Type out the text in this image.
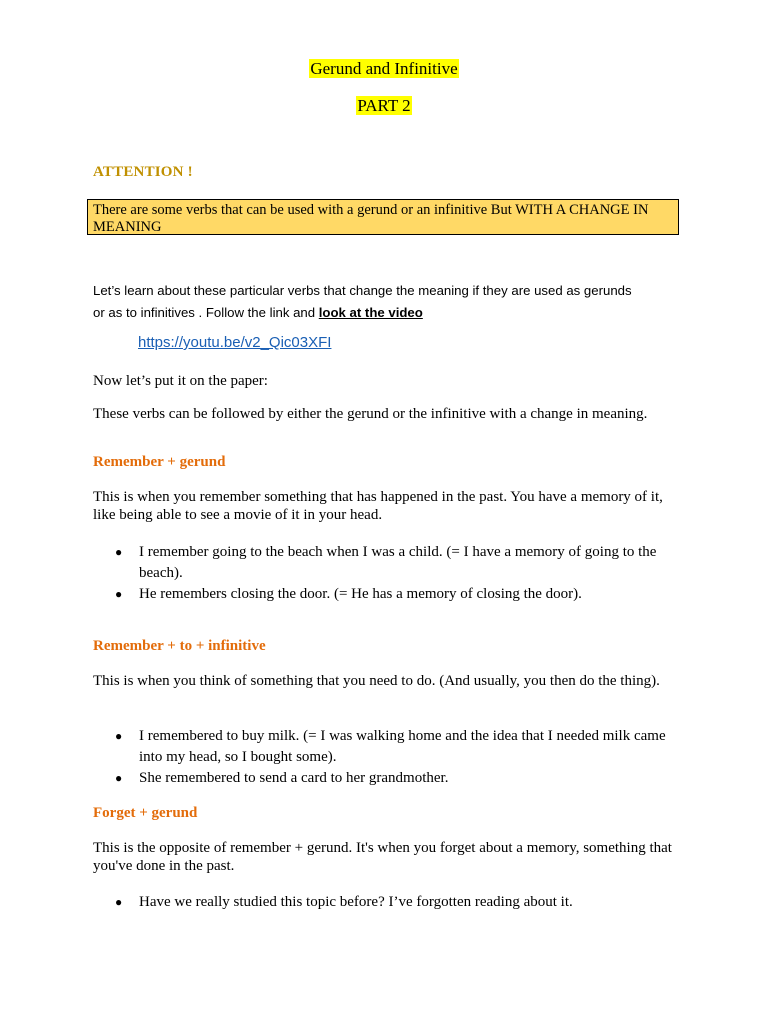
Gerund and Infinitive
PART 2
ATTENTION !
There are some verbs that can be used with a gerund or an infinitive But WITH A CHANGE IN MEANING
Let’s learn about these particular verbs that change the meaning if they are used as gerunds
or as to infinitives . Follow the link and look at the video
https://youtu.be/v2_Qic03XFI
Now let’s put it on the paper:
These verbs can be followed by either the gerund or the infinitive with a change in meaning.
Remember + gerund
This is when you remember something that has happened in the past. You have a memory of it, like being able to see a movie of it in your head.
● I remember going to the beach when I was a child. (= I have a memory of going to the beach).
● He remembers closing the door. (= He has a memory of closing the door).
Remember + to + infinitive
This is when you think of something that you need to do. (And usually, you then do the thing).
● I remembered to buy milk. (= I was walking home and the idea that I needed milk came into my head, so I bought some).
● She remembered to send a card to her grandmother.
Forget + gerund
This is the opposite of remember + gerund. It's when you forget about a memory, something that you've done in the past.
● Have we really studied this topic before? I’ve forgotten reading about it.
